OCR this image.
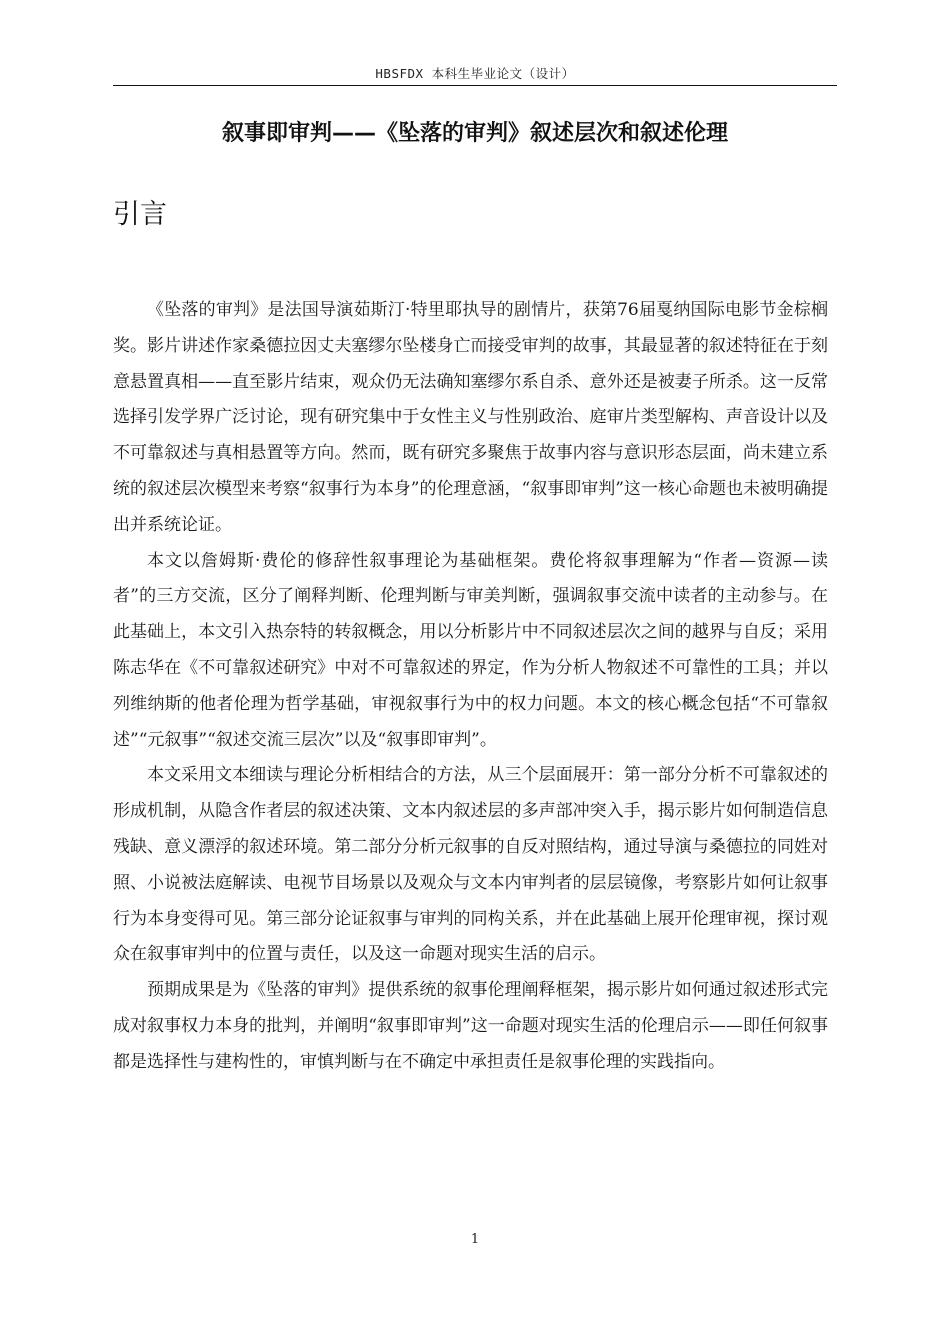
HBSFDX 本科生毕业论文（设计）
叙事即审判——《坠落的审判》叙述层次和叙述伦理
引言

《坠落的审判》是法国导演茹斯汀·特里耶执导的剧情片，获第76届戛纳国际电影节金棕榈奖。影片讲述作家桑德拉因丈夫塞缪尔坠楼身亡而接受审判的故事，其最显著的叙述特征在于刻意悬置真相——直至影片结束，观众仍无法确知塞缪尔系自杀、意外还是被妻子所杀。这一反常选择引发学界广泛讨论，现有研究集中于女性主义与性别政治、庭审片类型解构、声音设计以及不可靠叙述与真相悬置等方向。然而，既有研究多聚焦于故事内容与意识形态层面，尚未建立系统的叙述层次模型来考察“叙事行为本身”的伦理意涵，“叙事即审判”这一核心命题也未被明确提出并系统论证。

本文以詹姆斯·费伦的修辞性叙事理论为基础框架。费伦将叙事理解为“作者—资源—读者”的三方交流，区分了阐释判断、伦理判断与审美判断，强调叙事交流中读者的主动参与。在此基础上，本文引入热奈特的转叙概念，用以分析影片中不同叙述层次之间的越界与自反；采用陈志华在《不可靠叙述研究》中对不可靠叙述的界定，作为分析人物叙述不可靠性的工具；并以列维纳斯的他者伦理为哲学基础，审视叙事行为中的权力问题。本文的核心概念包括“不可靠叙述”“元叙事”“叙述交流三层次”以及“叙事即审判”。

本文采用文本细读与理论分析相结合的方法，从三个层面展开：第一部分分析不可靠叙述的形成机制，从隐含作者层的叙述决策、文本内叙述层的多声部冲突入手，揭示影片如何制造信息残缺、意义漂浮的叙述环境。第二部分分析元叙事的自反对照结构，通过导演与桑德拉的同姓对照、小说被法庭解读、电视节目场景以及观众与文本内审判者的层层镜像，考察影片如何让叙事行为本身变得可见。第三部分论证叙事与审判的同构关系，并在此基础上展开伦理审视，探讨观众在叙事审判中的位置与责任，以及这一命题对现实生活的启示。

预期成果是为《坠落的审判》提供系统的叙事伦理阐释框架，揭示影片如何通过叙述形式完成对叙事权力本身的批判，并阐明“叙事即审判”这一命题对现实生活的伦理启示——即任何叙事都是选择性与建构性的，审慎判断与在不确定中承担责任是叙事伦理的实践指向。

1
